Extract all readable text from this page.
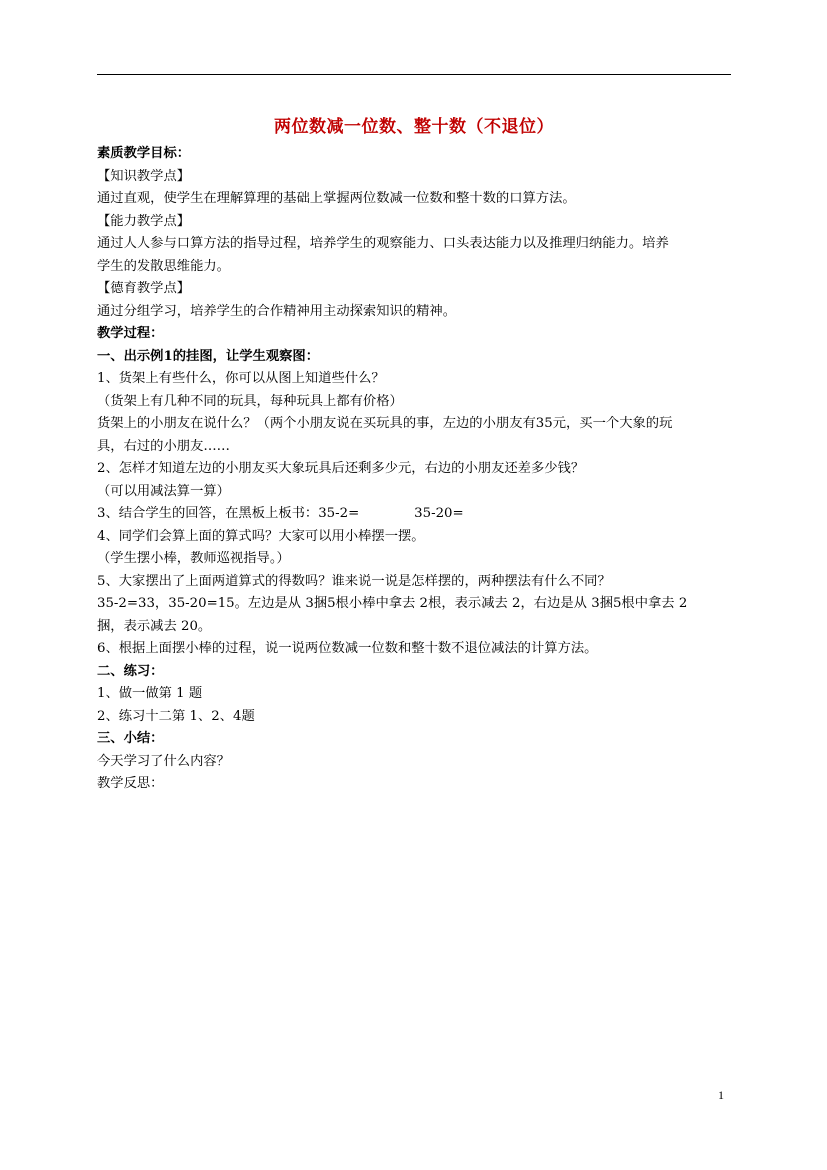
两位数减一位数、整十数（不退位）

素质教学目标：

【知识教学点】

通过直观，使学生在理解算理的基础上掌握两位数减一位数和整十数的口算方法。

【能力教学点】

通过人人参与口算方法的指导过程，培养学生的观察能力、口头表达能力以及推理归纳能力。培养

学生的发散思维能力。

【德育教学点】

通过分组学习，培养学生的合作精神用主动探索知识的精神。

教学过程：

一、出示例1的挂图，让学生观察图：

1、货架上有些什么，你可以从图上知道些什么？

（货架上有几种不同的玩具，每种玩具上都有价格）

货架上的小朋友在说什么？（两个小朋友说在买玩具的事，左边的小朋友有35元，买一个大象的玩

具，右过的小朋友……

2、怎样才知道左边的小朋友买大象玩具后还剩多少元，右边的小朋友还差多少钱？

（可以用减法算一算）

3、结合学生的回答，在黑板上板书：35-2=             35-20=

4、同学们会算上面的算式吗？大家可以用小棒摆一摆。

（学生摆小棒，教师巡视指导。）

5、大家摆出了上面两道算式的得数吗？谁来说一说是怎样摆的，两种摆法有什么不同？

35-2=33，35-20=15。左边是从 3捆5根小棒中拿去 2根，表示减去 2，右边是从 3捆5根中拿去 2

捆，表示减去 20。

6、根据上面摆小棒的过程，说一说两位数减一位数和整十数不退位减法的计算方法。

二、练习：

1、做一做第 1 题

2、练习十二第 1、2、4题

三、小结：

今天学习了什么内容？

教学反思：

1
